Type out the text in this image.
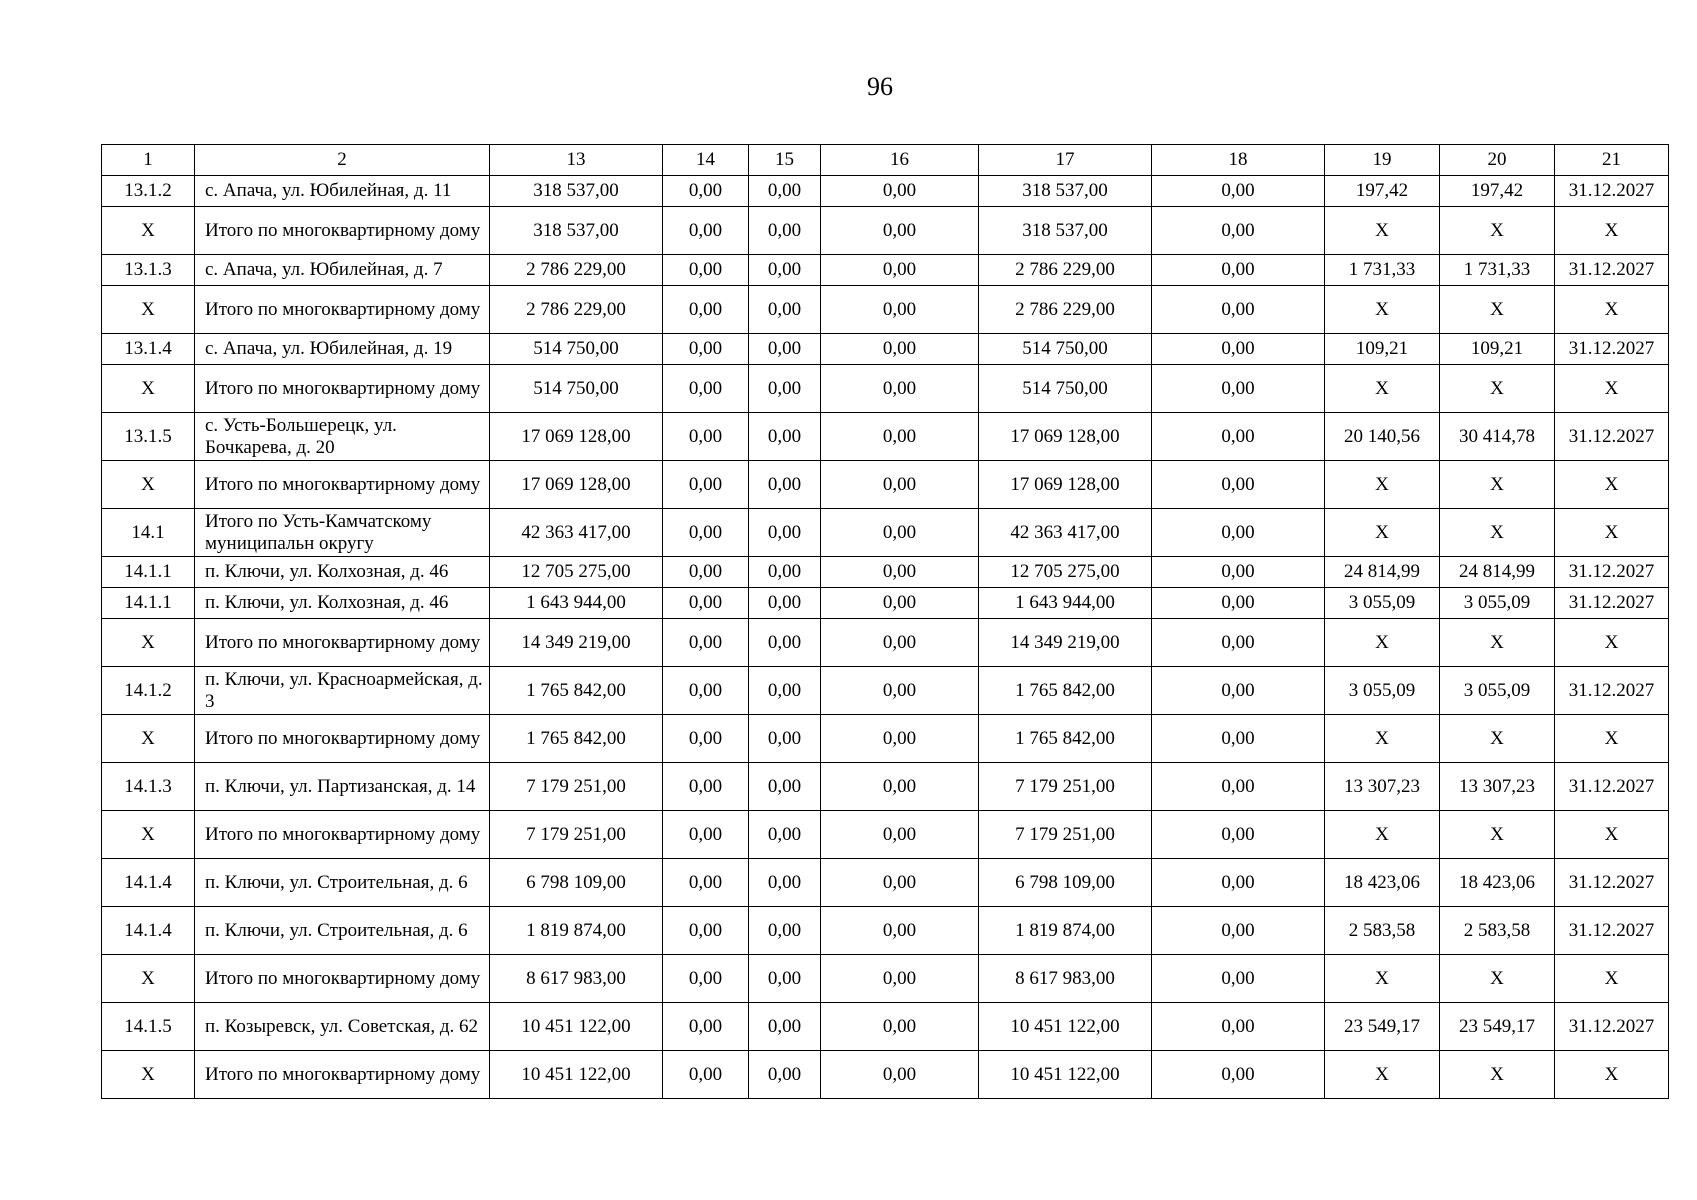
96
1	2	13	14	15	16	17	18	19	20	21
13.1.2	с. Апача, ул. Юбилейная, д. 11	318 537,00	0,00	0,00	0,00	318 537,00	0,00	197,42	197,42	31.12.2027
X	Итого по многоквартирному дому	318 537,00	0,00	0,00	0,00	318 537,00	0,00	X	X	X
13.1.3	с. Апача, ул. Юбилейная, д. 7	2 786 229,00	0,00	0,00	0,00	2 786 229,00	0,00	1 731,33	1 731,33	31.12.2027
X	Итого по многоквартирному дому	2 786 229,00	0,00	0,00	0,00	2 786 229,00	0,00	X	X	X
13.1.4	с. Апача, ул. Юбилейная, д. 19	514 750,00	0,00	0,00	0,00	514 750,00	0,00	109,21	109,21	31.12.2027
X	Итого по многоквартирному дому	514 750,00	0,00	0,00	0,00	514 750,00	0,00	X	X	X
13.1.5	с. Усть-Большерецк, ул. Бочкарева, д. 20	17 069 128,00	0,00	0,00	0,00	17 069 128,00	0,00	20 140,56	30 414,78	31.12.2027
X	Итого по многоквартирному дому	17 069 128,00	0,00	0,00	0,00	17 069 128,00	0,00	X	X	X
14.1	Итого по Усть-Камчатскому муниципальн округу	42 363 417,00	0,00	0,00	0,00	42 363 417,00	0,00	X	X	X
14.1.1	п. Ключи, ул. Колхозная, д. 46	12 705 275,00	0,00	0,00	0,00	12 705 275,00	0,00	24 814,99	24 814,99	31.12.2027
14.1.1	п. Ключи, ул. Колхозная, д. 46	1 643 944,00	0,00	0,00	0,00	1 643 944,00	0,00	3 055,09	3 055,09	31.12.2027
X	Итого по многоквартирному дому	14 349 219,00	0,00	0,00	0,00	14 349 219,00	0,00	X	X	X
14.1.2	п. Ключи, ул. Красноармейская, д. 3	1 765 842,00	0,00	0,00	0,00	1 765 842,00	0,00	3 055,09	3 055,09	31.12.2027
X	Итого по многоквартирному дому	1 765 842,00	0,00	0,00	0,00	1 765 842,00	0,00	X	X	X
14.1.3	п. Ключи, ул. Партизанская, д. 14	7 179 251,00	0,00	0,00	0,00	7 179 251,00	0,00	13 307,23	13 307,23	31.12.2027
X	Итого по многоквартирному дому	7 179 251,00	0,00	0,00	0,00	7 179 251,00	0,00	X	X	X
14.1.4	п. Ключи, ул. Строительная, д. 6	6 798 109,00	0,00	0,00	0,00	6 798 109,00	0,00	18 423,06	18 423,06	31.12.2027
14.1.4	п. Ключи, ул. Строительная, д. 6	1 819 874,00	0,00	0,00	0,00	1 819 874,00	0,00	2 583,58	2 583,58	31.12.2027
X	Итого по многоквартирному дому	8 617 983,00	0,00	0,00	0,00	8 617 983,00	0,00	X	X	X
14.1.5	п. Козыревск, ул. Советская, д. 62	10 451 122,00	0,00	0,00	0,00	10 451 122,00	0,00	23 549,17	23 549,17	31.12.2027
X	Итого по многоквартирному дому	10 451 122,00	0,00	0,00	0,00	10 451 122,00	0,00	X	X	X
